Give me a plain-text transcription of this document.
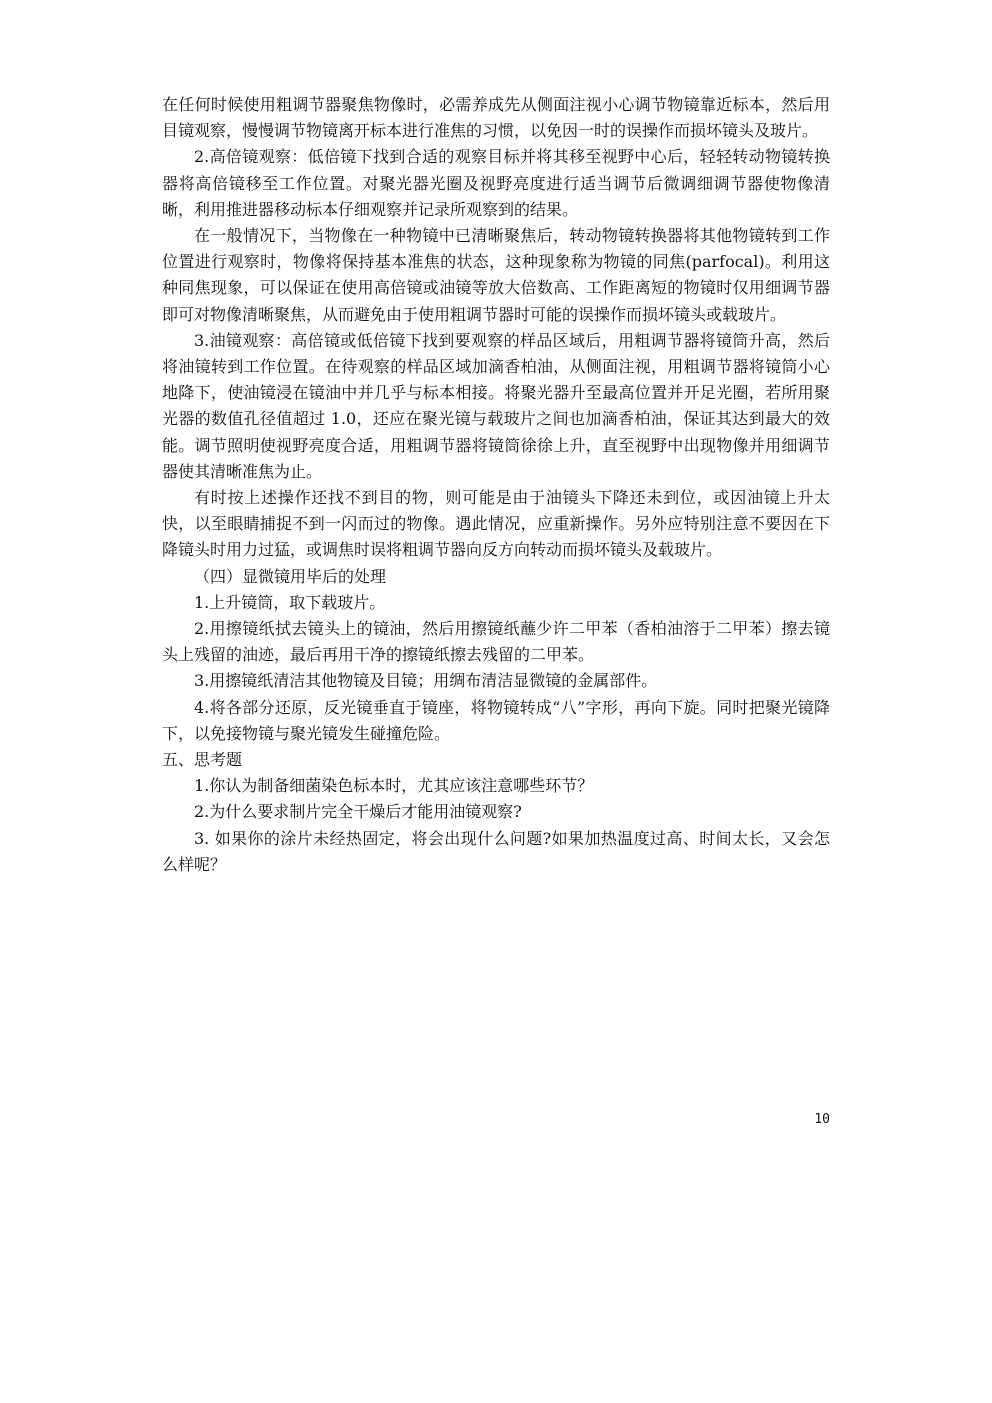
在任何时候使用粗调节器聚焦物像时，必需养成先从侧面注视小心调节物镜靠近标本，然后用目镜观察，慢慢调节物镜离开标本进行准焦的习惯，以免因一时的误操作而损坏镜头及玻片。

2.高倍镜观察：低倍镜下找到合适的观察目标并将其移至视野中心后，轻轻转动物镜转换器将高倍镜移至工作位置。对聚光器光圈及视野亮度进行适当调节后微调细调节器使物像清晰，利用推进器移动标本仔细观察并记录所观察到的结果。

在一般情况下，当物像在一种物镜中已清晰聚焦后，转动物镜转换器将其他物镜转到工作位置进行观察时，物像将保持基本准焦的状态，这种现象称为物镜的同焦(parfocal)。利用这种同焦现象，可以保证在使用高倍镜或油镜等放大倍数高、工作距离短的物镜时仅用细调节器即可对物像清晰聚焦，从而避免由于使用粗调节器时可能的误操作而损坏镜头或载玻片。

3.油镜观察：高倍镜或低倍镜下找到要观察的样品区域后，用粗调节器将镜筒升高，然后将油镜转到工作位置。在待观察的样品区域加滴香柏油，从侧面注视，用粗调节器将镜筒小心地降下，使油镜浸在镜油中并几乎与标本相接。将聚光器升至最高位置并开足光圈，若所用聚光器的数值孔径值超过 1.0，还应在聚光镜与载玻片之间也加滴香柏油，保证其达到最大的效能。调节照明使视野亮度合适，用粗调节器将镜筒徐徐上升，直至视野中出现物像并用细调节器使其清晰准焦为止。

有时按上述操作还找不到目的物，则可能是由于油镜头下降还未到位，或因油镜上升太快，以至眼睛捕捉不到一闪而过的物像。遇此情况，应重新操作。另外应特别注意不要因在下降镜头时用力过猛，或调焦时误将粗调节器向反方向转动而损坏镜头及载玻片。

（四）显微镜用毕后的处理

1.上升镜筒，取下载玻片。

2.用擦镜纸拭去镜头上的镜油，然后用擦镜纸蘸少许二甲苯（香柏油溶于二甲苯）擦去镜头上残留的油迹，最后再用干净的擦镜纸擦去残留的二甲苯。

3.用擦镜纸清洁其他物镜及目镜；用绸布清洁显微镜的金属部件。

4.将各部分还原，反光镜垂直于镜座，将物镜转成“八”字形，再向下旋。同时把聚光镜降下，以免接物镜与聚光镜发生碰撞危险。

五、思考题

1.你认为制备细菌染色标本时，尤其应该注意哪些环节？

2.为什么要求制片完全干燥后才能用油镜观察?

3. 如果你的涂片未经热固定，将会出现什么问题?如果加热温度过高、时间太长，又会怎么样呢？

10
